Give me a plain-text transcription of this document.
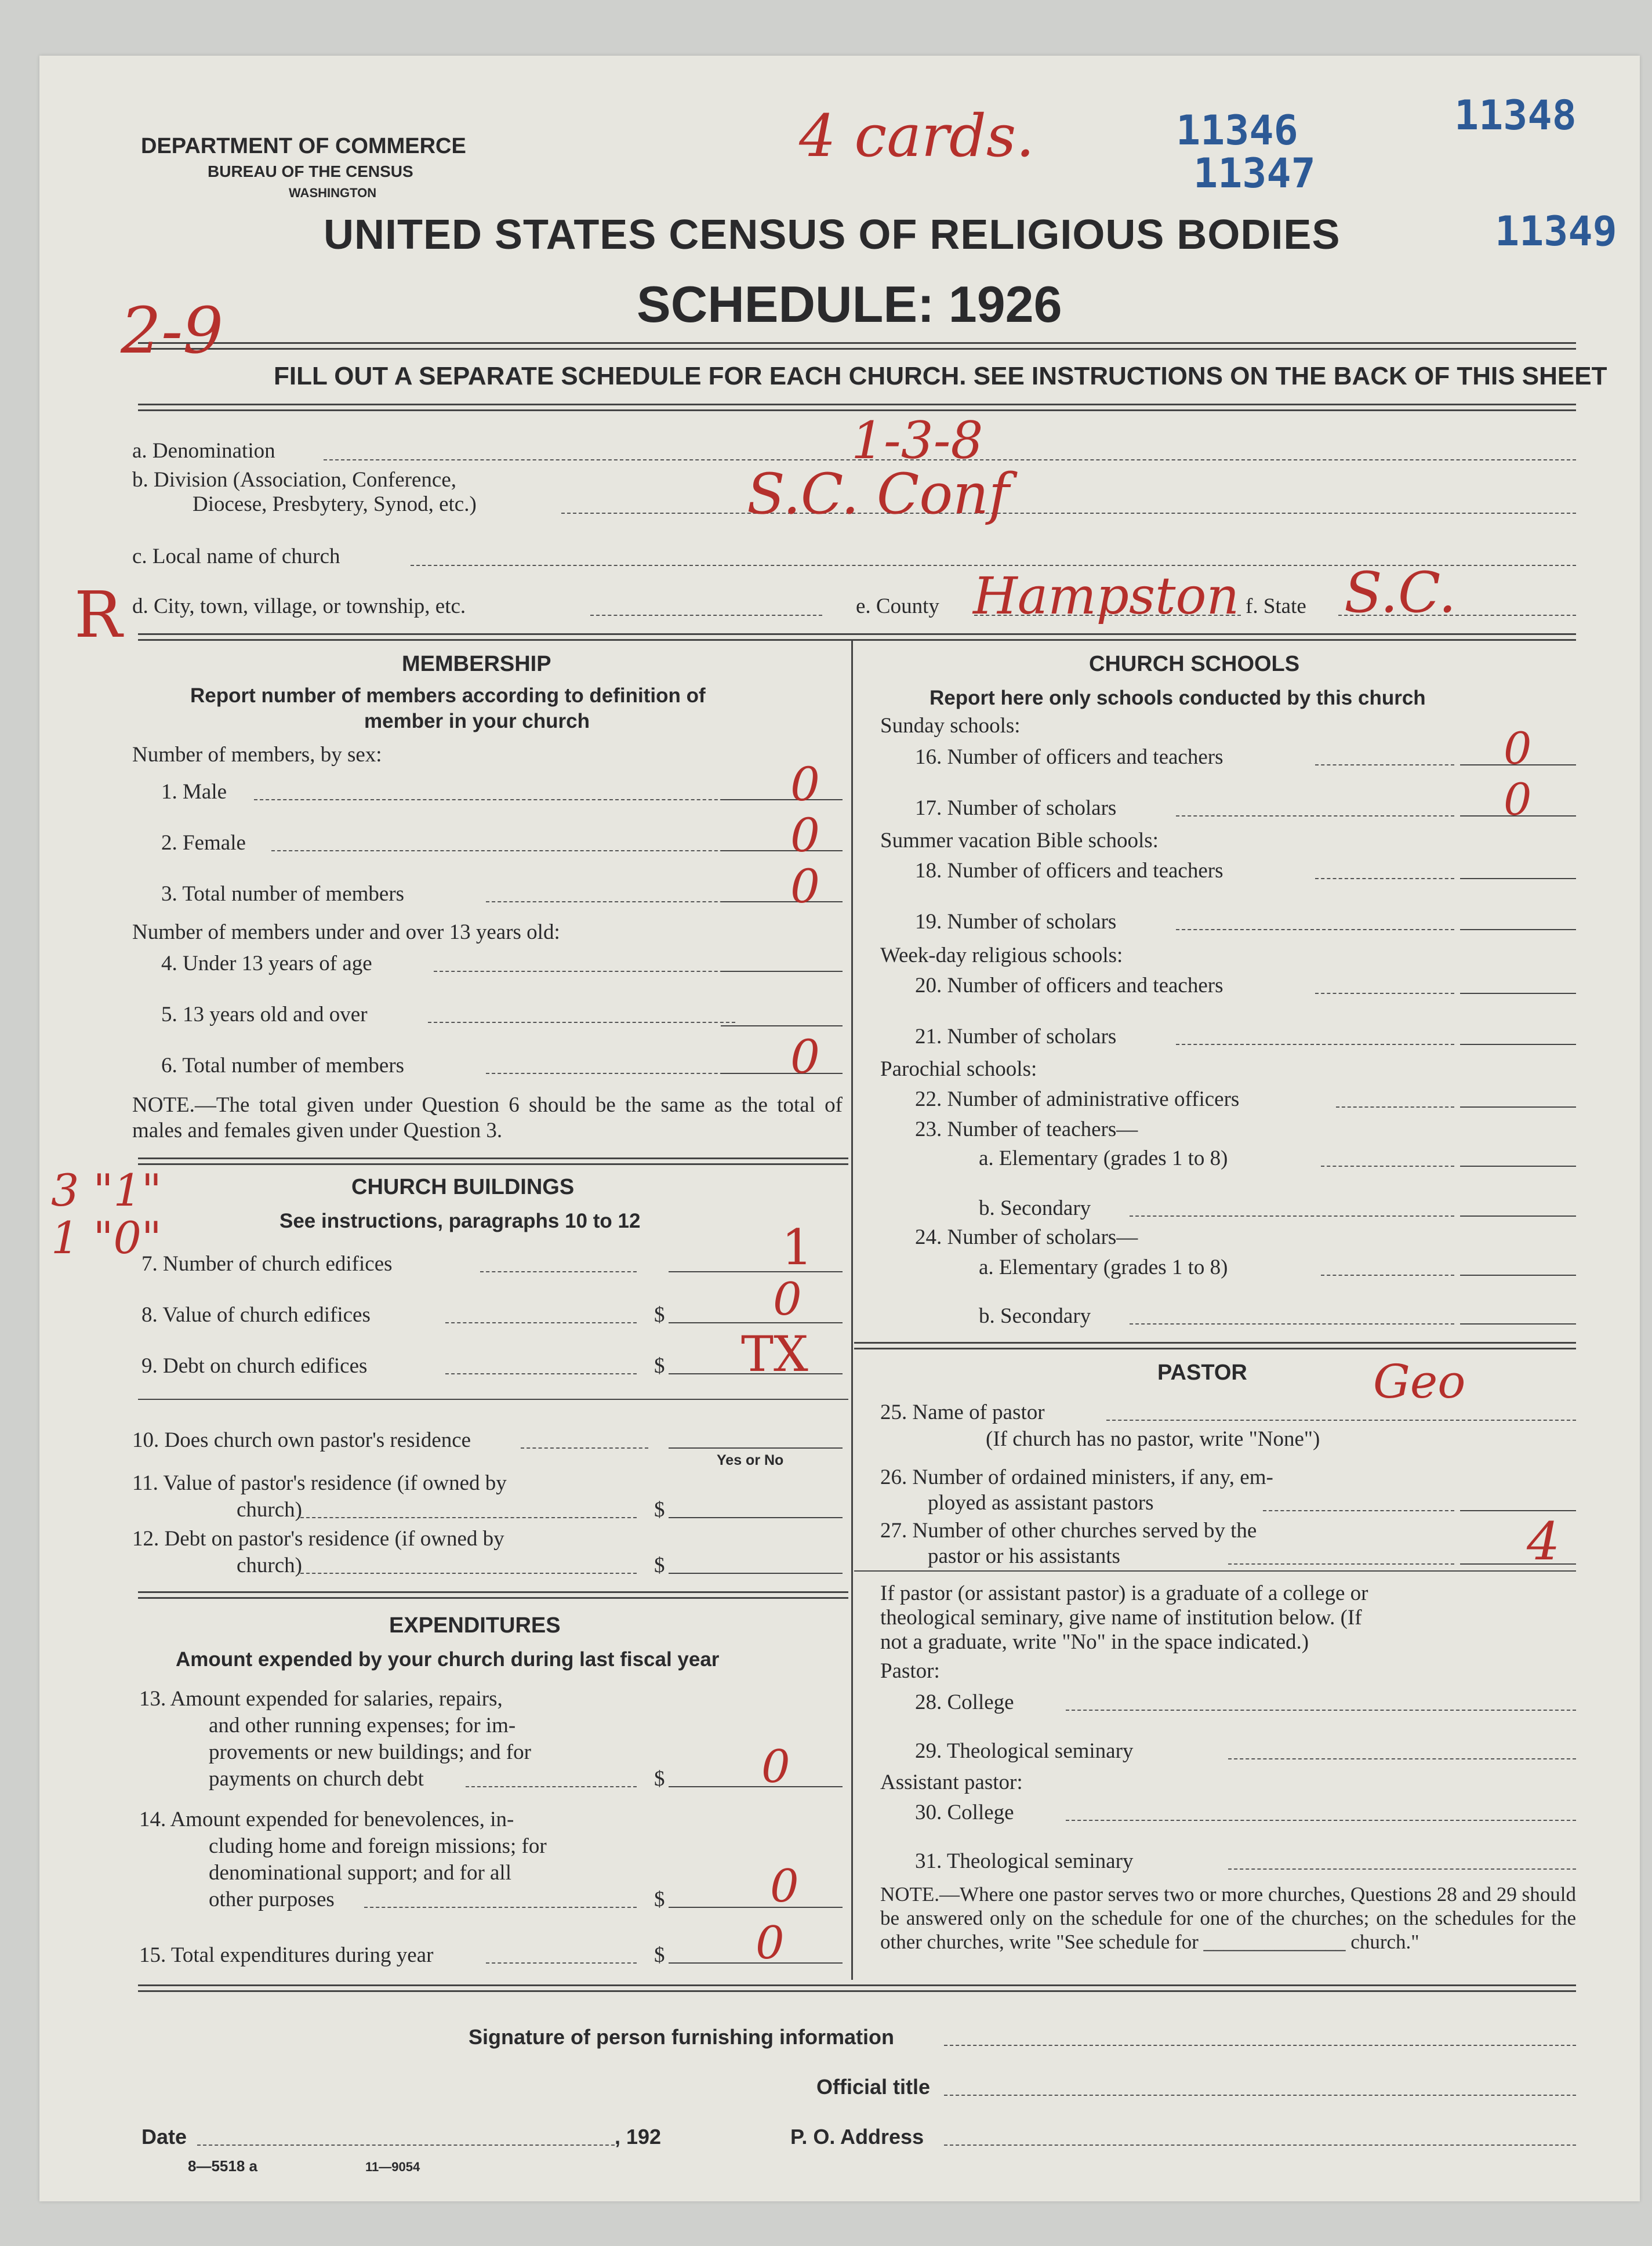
DEPARTMENT OF COMMERCE
BUREAU OF THE CENSUS
WASHINGTON
UNITED STATES CENSUS OF RELIGIOUS BODIES
SCHEDULE: 1926
FILL OUT A SEPARATE SCHEDULE FOR EACH CHURCH. SEE INSTRUCTIONS ON THE BACK OF THIS SHEET
11346
11347
11348
11349
4 cards.
2-9
a. Denomination	1-3-8
b. Division (Association, Conference,
Diocese, Presbytery, Synod, etc.)	S.C. Conf
c. Local name of church
R d. City, town, village, or township, etc.	e. County Hampston f. State S.C.
MEMBERSHIP
Report number of members according to definition of
member in your church
Number of members, by sex:
1. Male	0
2. Female	0
3. Total number of members	0
Number of members under and over 13 years old:
4. Under 13 years of age
5. 13 years old and over
6. Total number of members	0
NOTE.—The total given under Question 6 should be the same as the total of males and females given under Question 3.
3 "1"
1 "0"
CHURCH BUILDINGS
See instructions, paragraphs 10 to 12
7. Number of church edifices	1
8. Value of church edifices	$ 0
9. Debt on church edifices	$ TX
10. Does church own pastor's residence
Yes or No
11. Value of pastor's residence (if owned by
church)	$
12. Debt on pastor's residence (if owned by
church)	$
EXPENDITURES
Amount expended by your church during last fiscal year
13. Amount expended for salaries, repairs,
and other running expenses; for im-
provements or new buildings; and for
payments on church debt	$ 0
14. Amount expended for benevolences, in-
cluding home and foreign missions; for
denominational support; and for all
other purposes	$ 0
15. Total expenditures during year	$ 0
CHURCH SCHOOLS
Report here only schools conducted by this church
Sunday schools:
16. Number of officers and teachers	0
17. Number of scholars	0
Summer vacation Bible schools:
18. Number of officers and teachers
19. Number of scholars
Week-day religious schools:
20. Number of officers and teachers
21. Number of scholars
Parochial schools:
22. Number of administrative officers
23. Number of teachers—
a. Elementary (grades 1 to 8)
b. Secondary
24. Number of scholars—
a. Elementary (grades 1 to 8)
b. Secondary
PASTOR
25. Name of pastor
Geo
(If church has no pastor, write "None")
26. Number of ordained ministers, if any, em-
ployed as assistant pastors
27. Number of other churches served by the
pastor or his assistants	4
If pastor (or assistant pastor) is a graduate of a college or
theological seminary, give name of institution below. (If
not a graduate, write "No" in the space indicated.)
Pastor:
28. College
29. Theological seminary
Assistant pastor:
30. College
31. Theological seminary
NOTE.—Where one pastor serves two or more churches, Questions 28 and 29 should be answered only on the schedule for one of the churches; on the schedules for the other churches, write "See schedule for ______________ church."
Signature of person furnishing information
Official title
Date	, 192	P. O. Address
8—5518 a	11—9054
